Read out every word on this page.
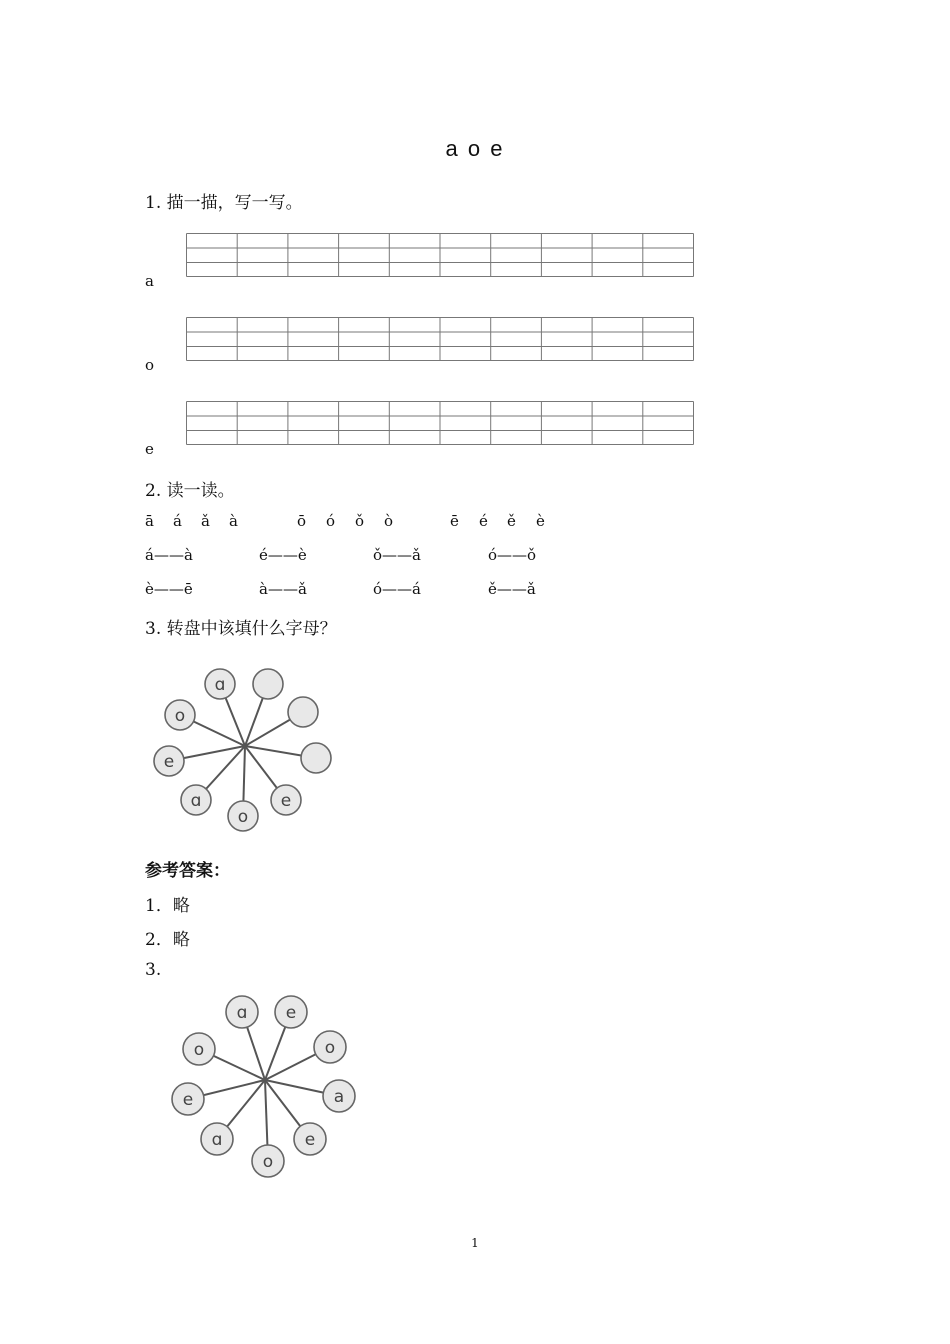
a o e
1. 描一描，写一写。
a
o
e
2. 读一读。
ā á ǎ à	ō ó ǒ ò	ē é ě è
á——à	é——è	ǒ——ǎ	ó——ǒ
è——ē	à——ǎ	ó——á	ě——ǎ
3. 转盘中该填什么字母？
ɑ
e
o
ɑ
e
o
参考答案：
1．略
2．略
3.
ɑ e
o
a
e
o
ɑ
e
o
1
